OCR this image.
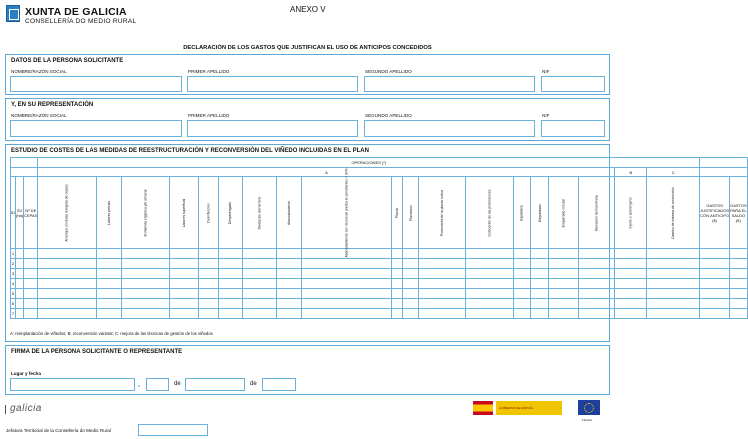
XUNTA DE GALICIA
CONSELLERÍA DO MEDIO RURAL
ANEXO V
DECLARACIÓN DE LOS GASTOS QUE JUSTIFICAN EL USO DE ANTICIPOS CONCEDIDOS
DATOS DE LA PERSONA SOLICITANTE
NOMBRE/RAZÓN SOCIAL	PRIMER APELLIDO	SEGUNDO APELLIDO	NIF
Y, EN SU REPRESENTACIÓN
NOMBRE/RAZÓN SOCIAL	PRIMER APELLIDO	SEGUNDO APELLIDO	NIF
ESTUDIO DE COSTES DE LAS MEDIDAS DE REESTRUCTURACIÓN Y RECONVERSIÓN DEL VIÑEDO INCLUIDAS EN EL PLAN
			OPERACIONES (*)																				
			A																	B	C		
ID	SV (ha)	Nº DE CEPAS	Arranque (incluida recogida de cepas)	Labores previas	Enmienda orgánica y/o mineral	Labores superficial	Desinfección	Despedregado	Nivelación del terreno	Abancalamiento	Abancalamiento con muros de piedra en pendientes > 30%	Planta	Plantación	Protectores de la planta nueva	Colocación de las protecciones	Espaldera	Empalizado	Emparrado circular	Elevación del tutor/vara	Injerto o sobreinjerto	Cambio de sistema de conducción	GASTOS JUSTIFICADOS CON ANTICIPO (€)	GASTOS PARA EL SALDO (€)
1																							
2																							
3																							
4																							
5																							
6																							
7																							
A: reimplantación de viñedos; B: reconversión varietal; C: mejora de las técnicas de gestión de los viñedos
FIRMA DE LA PERSONA SOLICITANTE O REPRESENTANTE
Lugar y fecha
,	de	de
galicia	GOBIERNO DE ESPAÑA
FEAGA
Jefatura Territorial de la Consellería do Medio Rural
